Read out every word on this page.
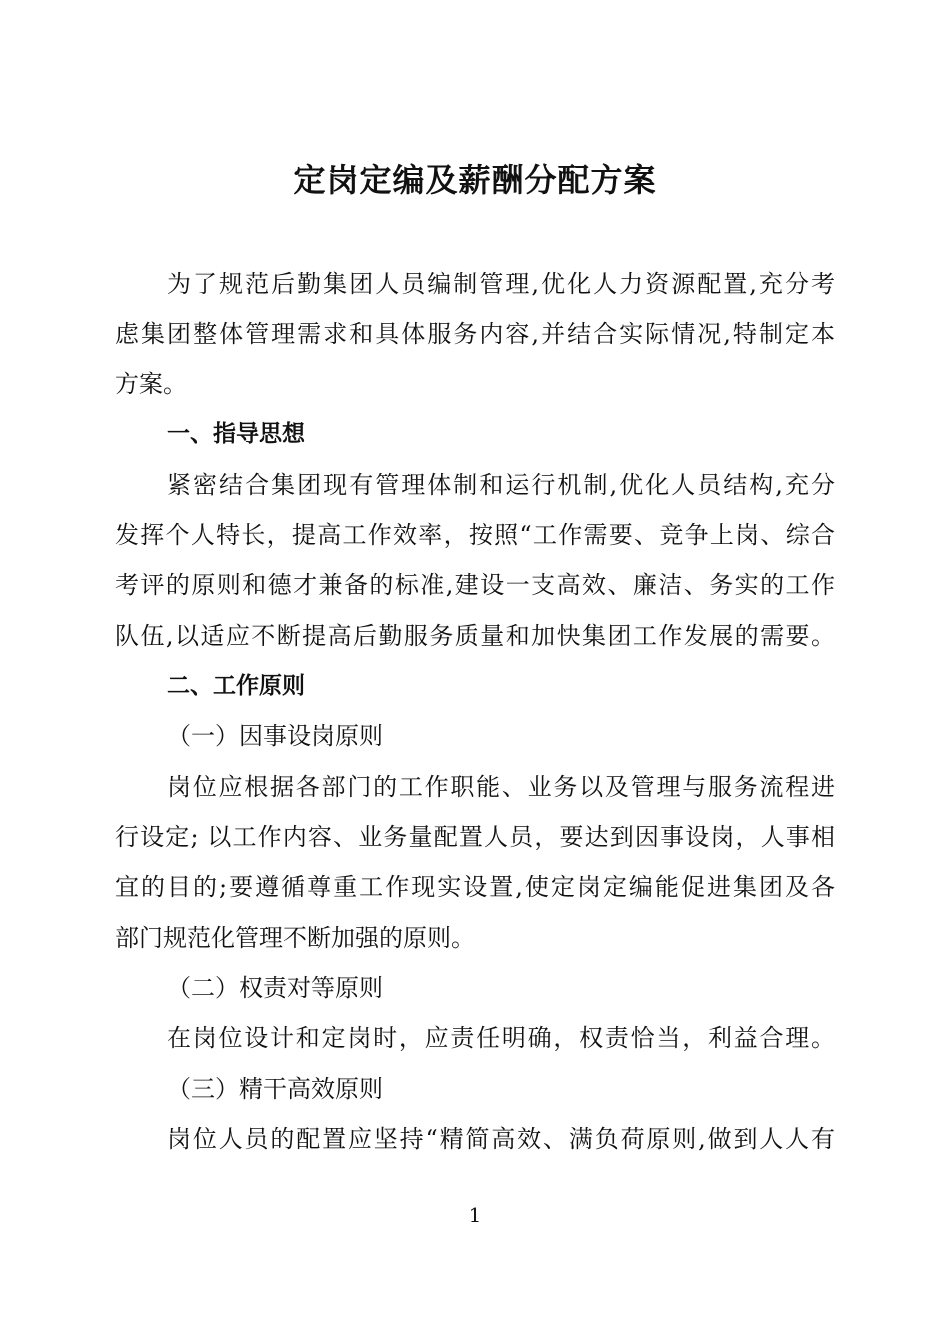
定岗定编及薪酬分配方案
为了规范后勤集团人员编制管理,优化人力资源配置,充分考
虑集团整体管理需求和具体服务内容,并结合实际情况,特制定本
方案。
一、指导思想
紧密结合集团现有管理体制和运行机制,优化人员结构,充分
发挥个人特长，提高工作效率，按照“工作需要、竞争上岗、综合
考评的原则和德才兼备的标准,建设一支高效、廉洁、务实的工作
队伍,以适应不断提高后勤服务质量和加快集团工作发展的需要。
二、工作原则
（一）因事设岗原则
岗位应根据各部门的工作职能、业务以及管理与服务流程进
行设定; 以工作内容、业务量配置人员，要达到因事设岗，人事相
宜的目的;要遵循尊重工作现实设置,使定岗定编能促进集团及各
部门规范化管理不断加强的原则。
（二）权责对等原则
在岗位设计和定岗时，应责任明确，权责恰当，利益合理。
（三）精干高效原则
岗位人员的配置应坚持“精简高效、满负荷原则,做到人人有
1
